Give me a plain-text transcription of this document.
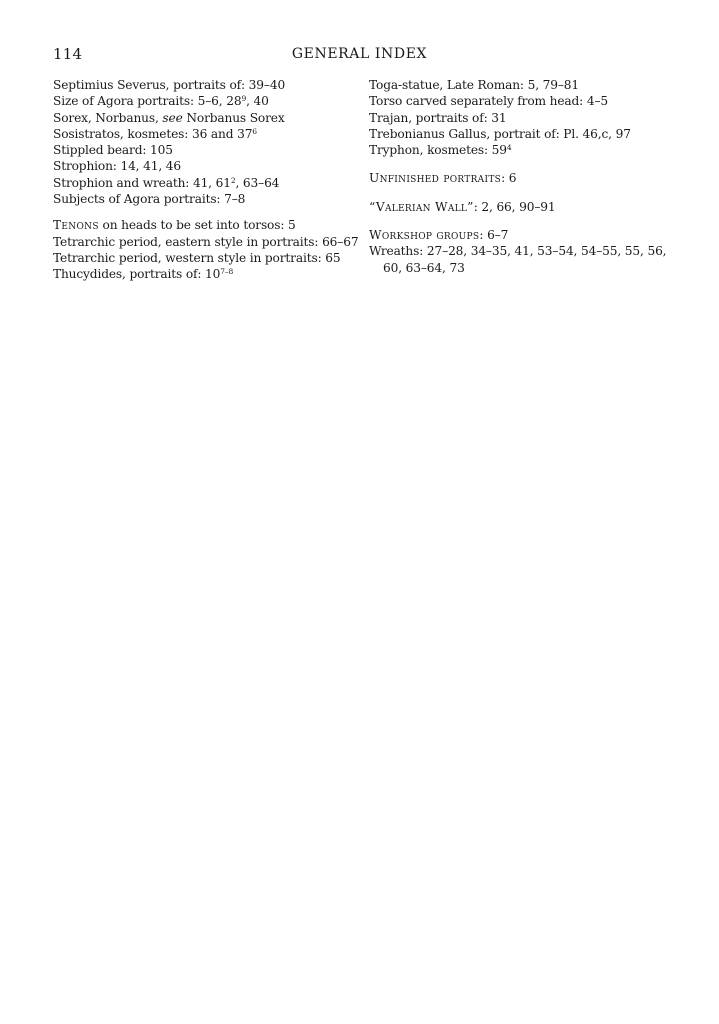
114	GENERAL INDEX

Septimius Severus, portraits of: 39–40

Size of Agora portraits: 5–6, $28^9$, 40

Sorex, Norbanus, see Norbanus Sorex

Sosistratos, kosmetes: 36 and $37^6$

Stippled beard: 105

Strophion: 14, 41, 46

Strophion and wreath: 41, $61^2$, 63–64

Subjects of Agora portraits: 7–8

Tenons on heads to be set into torsos: 5

Tetrarchic period, eastern style in portraits: 66–67

Tetrarchic period, western style in portraits: 65

Thucydides, portraits of: 10$^{7-8}$

Toga-statue, Late Roman: 5, 79–81

Torso carved separately from head: 4–5

Trajan, portraits of: 31

Trebonianus Gallus, portrait of: Pl. 46,c, 97

Tryphon, kosmetes: $59^4$

Unfinished portraits: 6

“Valerian Wall”: 2, 66, 90–91

Workshop groups: 6–7

Wreaths: 27–28, 34–35, 41, 53–54, 54–55, 55, 56, 60, 63–64, 73
